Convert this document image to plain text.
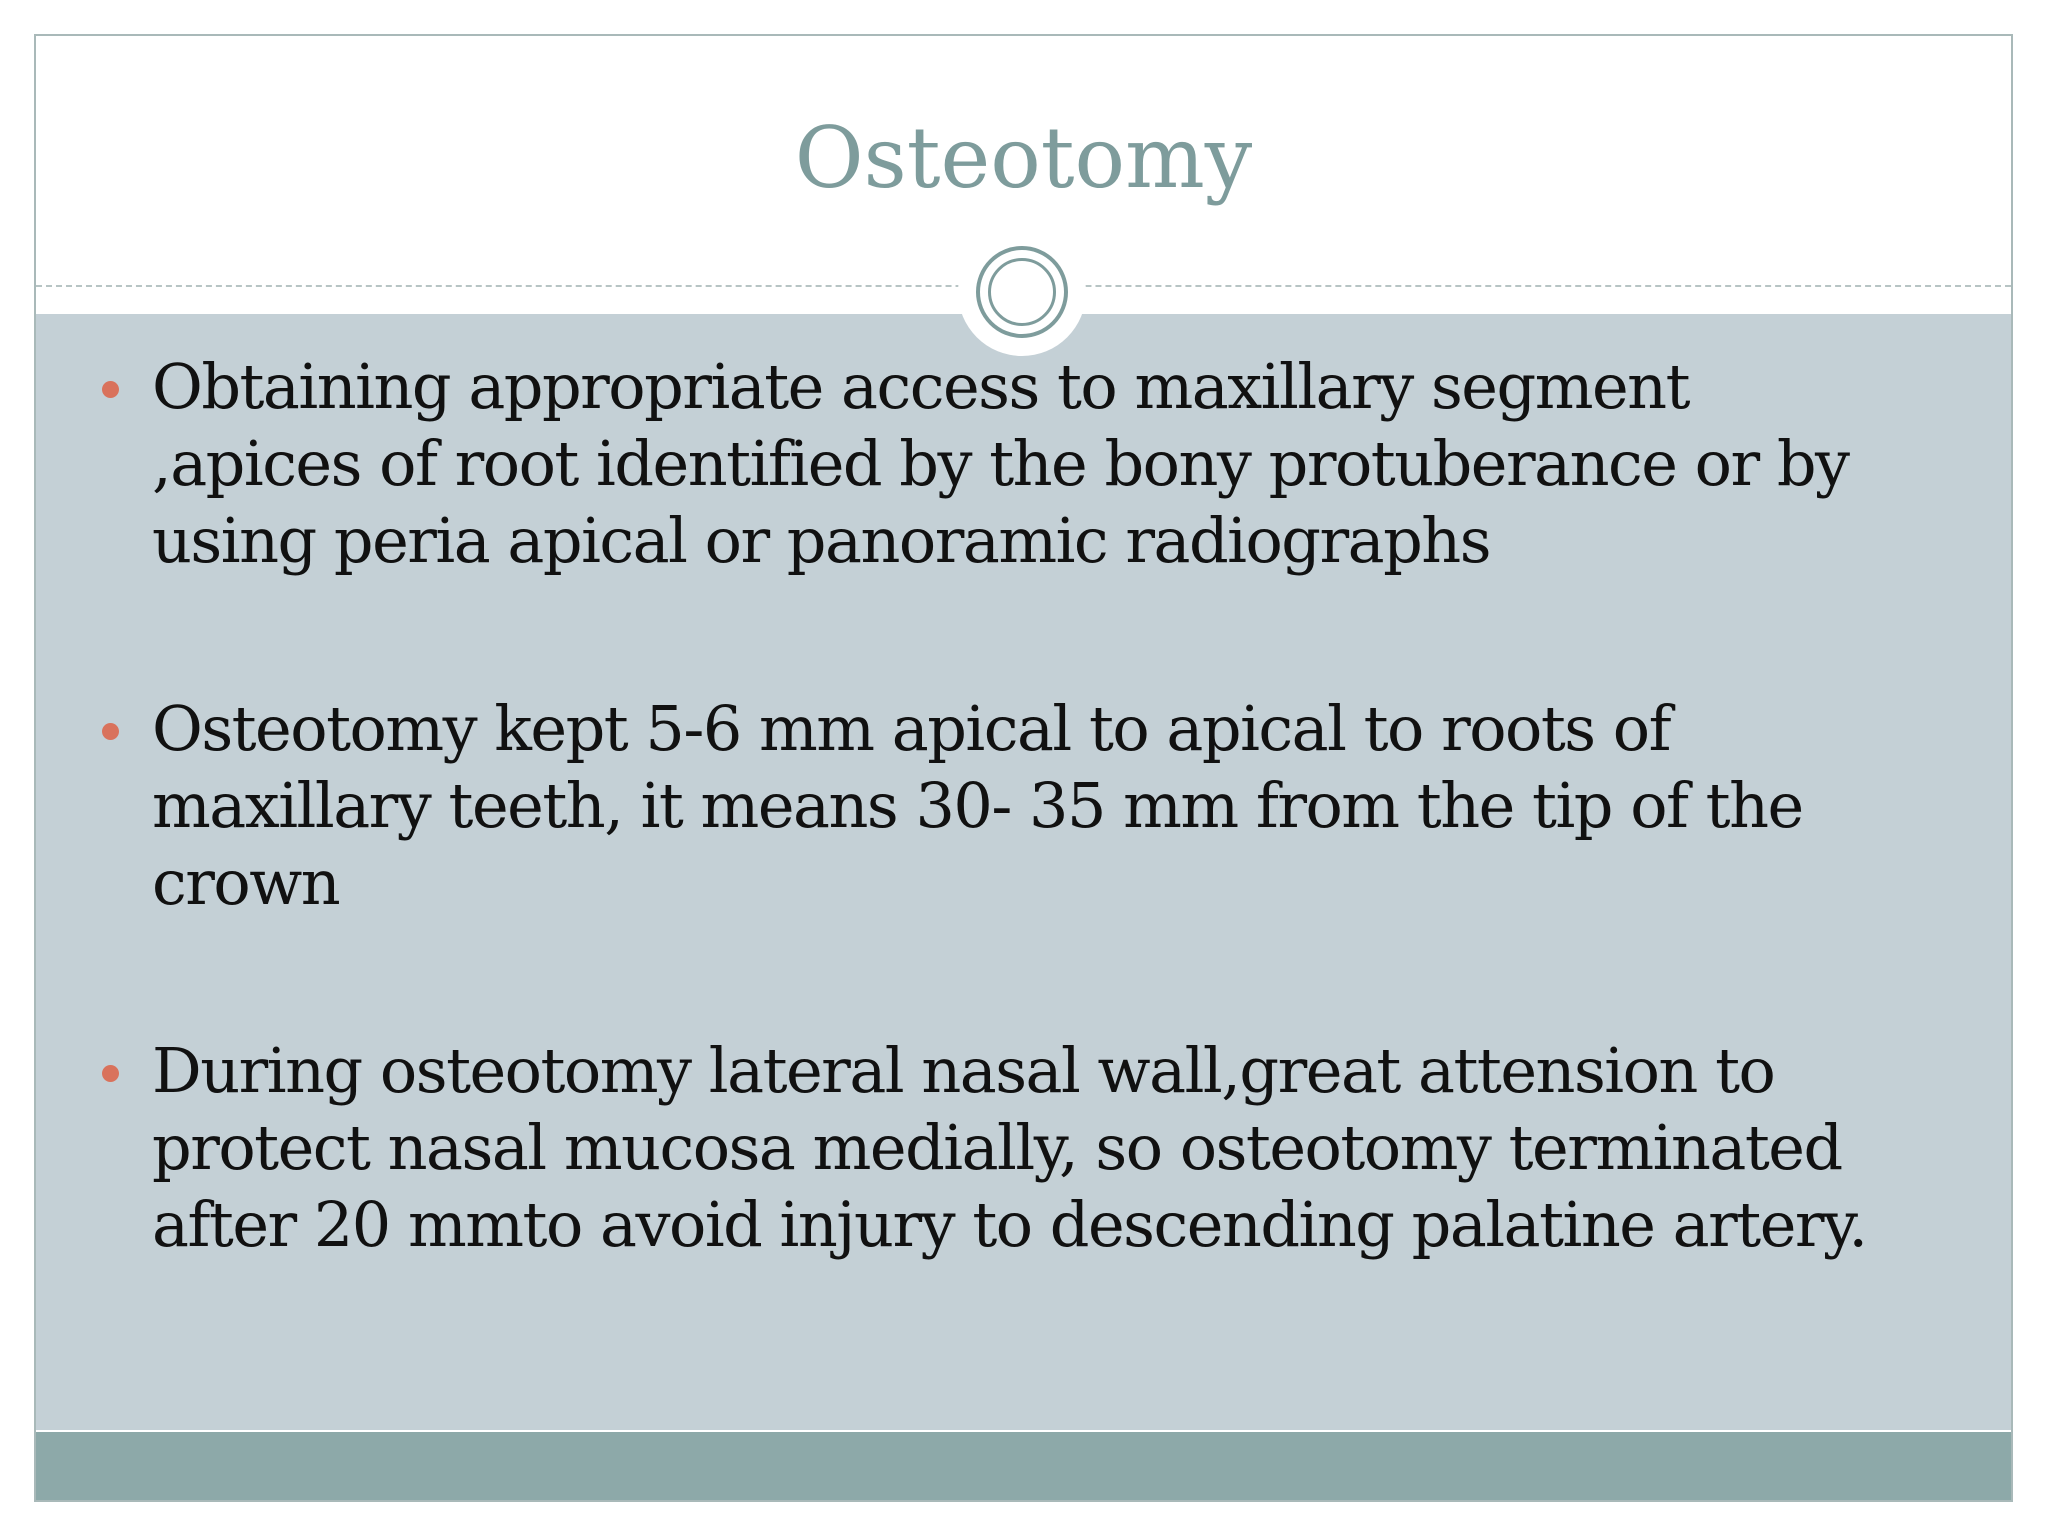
Osteotomy
Obtaining appropriate access to maxillary segment
,apices of root identified by the bony protuberance or by
using peria apical or panoramic radiographs
Osteotomy kept 5-6 mm apical to apical to roots of
maxillary teeth, it means 30- 35 mm from the tip of the
crown
During osteotomy lateral nasal wall,great attension to
protect nasal mucosa medially, so osteotomy terminated
after 20 mmto avoid injury to descending palatine artery.
